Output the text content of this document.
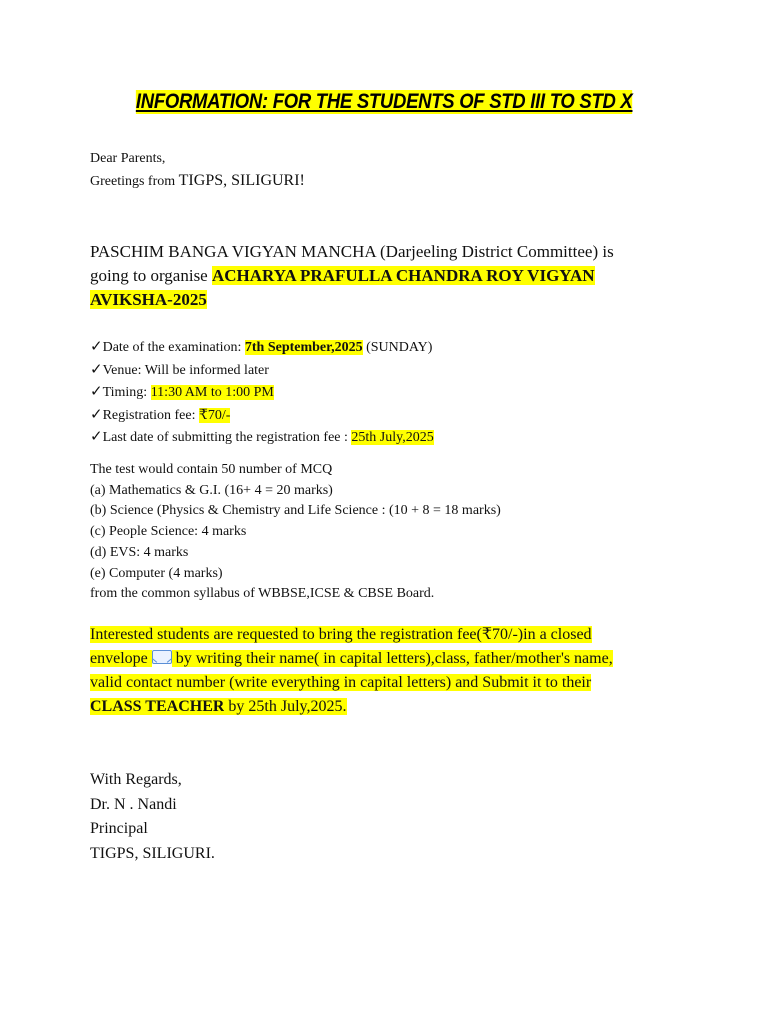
INFORMATION: FOR THE STUDENTS OF STD III TO STD X
Dear Parents,
Greetings from TIGPS, SILIGURI!
PASCHIM BANGA VIGYAN MANCHA (Darjeeling District Committee) is
going to organise ACHARYA PRAFULLA CHANDRA ROY VIGYAN
AVIKSHA-2025
✓Date of the examination: 7th September,2025 (SUNDAY)
✓Venue: Will be informed later
✓Timing: 11:30 AM to 1:00 PM
✓Registration fee: ₹70/-
✓Last date of submitting the registration fee : 25th July,2025
The test would contain 50 number of MCQ
(a) Mathematics & G.I. (16+ 4 = 20 marks)
(b) Science (Physics & Chemistry and Life Science : (10 + 8 = 18 marks)
(c) People Science: 4 marks
(d) EVS: 4 marks
(e) Computer (4 marks)
from the common syllabus of WBBSE,ICSE & CBSE Board.
Interested students are requested to bring the registration fee(₹70/-)in a closed
envelope  by writing their name( in capital letters),class, father/mother's name,
valid contact number (write everything in capital letters) and Submit it to their
CLASS TEACHER by 25th July,2025.
With Regards,
Dr. N . Nandi
Principal
TIGPS, SILIGURI.
